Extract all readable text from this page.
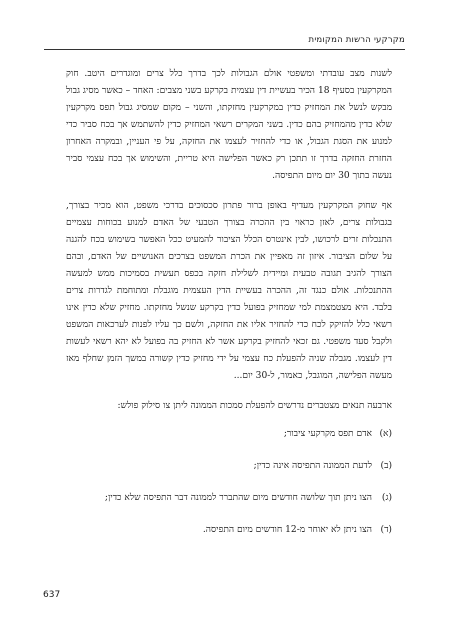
מקרקעי הרשות המקומית

לשנות מצב עובדתי ומשפטי אולם הגבולות לכך בדרך כלל צרים ומוגדרים היטב. חוק המקרקעין בסעיף 18 הכיר בעשיית דין עצמית בקרקע בשני מצבים: האחד – כאשר מסיג גבול מבקש לנשל את המחזיק כדין במקרקעין מחזקתו, והשני – מקום שמסיג גבול תפס מקרקעין שלא כדין מהמחזיק בהם כדין. בשני המקרים רשאי המחזיק כדין להשתמש אך בכח סביר כדי למנוע את הסגת הגבול, או כדי להחזיר לעצמו את החזקה, על פי העניין, ובמקרה האחרון החזרת החזקה בדרך זו תתכן רק כאשר הפלישה היא טריית, והשימוש אך בכח עצמי סביר נעשה בתוך 30 יום מיום התפיסה.

אף שחוק המקרקעין מעדיף באופן ברור פתרון סכסוכים בדרכי משפט, הוא מכיר בצורך, בגבולות צרים, לאזן כראוי בין ההכרה בצורך הטבעי של האדם למנוע בכוחות עצמיים התנכלות זרים לרכושו, לבין אינטרס הכלל הציבור להמעיט ככל האפשר בשימוש בכח להגנה על שלום הציבור. איזון זה מאפיין את הכרת המשפט בצרכים האנושיים של האדם, ובהם הצורך להגיב תגובה טבעית ומיידית לשלילת חזקה בכפס תעשית בסמיכות ממש למעשה ההתנכלות. אולם כנגד זה, ההכרה בעשיית הדין העצמית מוגבלת ומתוחמת לגדרות צרים בלבד. היא מצטמצמת למי שמחזיק בפועל כדין בקרקע שנשל מחזקתו. מחזיק שלא כדין אינו רשאי כלל להזיקק לכח כדי להחזיר אליו את החזקה, ולשם כך עליו לפנות לערכאות המשפט ולקבל סעד משפטי. גם זכאי להחזיק בקרקע אשר לא החזיק בה בפועל לא יהא רשאי לעשות דין לעצמו. מגבלה שניה להפעלת כח עצמי על ידי מחזיק כדין קשורה במשך הזמן שחלף מאז מעשה הפלישה, המוגבל, כאמור, ל-30 יום...

ארבעה תנאים מצטברים נדרשים להפעלת סמכות הממונה ליתן צו סילוק פולש:

(א)
אדם תפס מקרקעי ציבור;
(ב)
לדעת הממונה התפיסה אינה כדין;
(ג)
הצו ניתן תוך שלושה חודשים מיום שהתברר לממונה דבר התפיסה שלא כדין;
(ד)
הצו ניתן לא יאוחר מ-12 חודשים מיום התפיסה.
637
